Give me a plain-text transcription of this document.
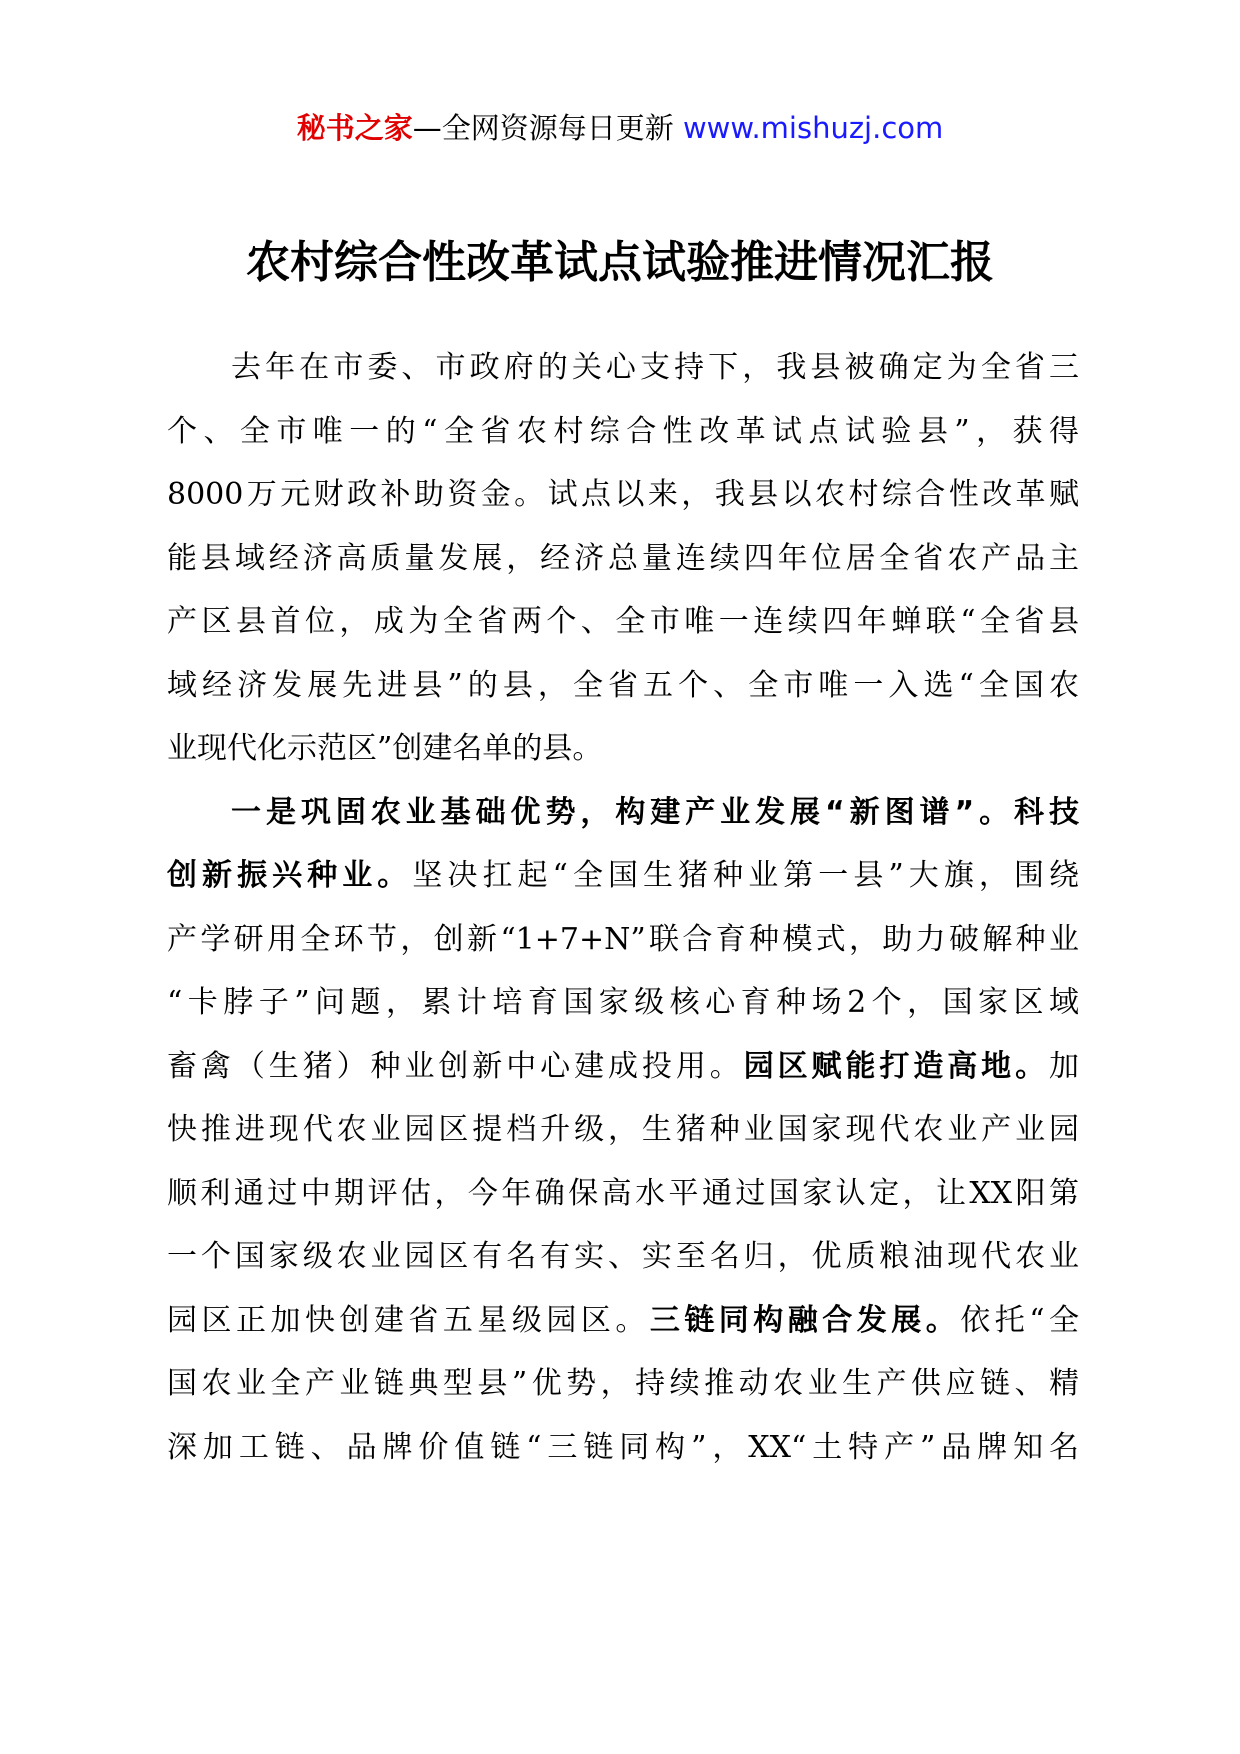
秘书之家—全网资源每日更新 www.mishuzj.com
农村综合性改革试点试验推进情况汇报
去年在市委、市政府的关心支持下，我县被确定为全省三
个、全市唯一的“全省农村综合性改革试点试验县”，获得
8000万元财政补助资金。试点以来，我县以农村综合性改革赋
能县域经济高质量发展，经济总量连续四年位居全省农产品主
产区县首位，成为全省两个、全市唯一连续四年蝉联“全省县
域经济发展先进县”的县，全省五个、全市唯一入选“全国农
业现代化示范区”创建名单的县。
一是巩固农业基础优势，构建产业发展“新图谱”。科技
创新振兴种业。坚决扛起“全国生猪种业第一县”大旗，围绕
产学研用全环节，创新“1+7+N”联合育种模式，助力破解种业
“卡脖子”问题，累计培育国家级核心育种场2个，国家区域
畜禽（生猪）种业创新中心建成投用。园区赋能打造高地。加
快推进现代农业园区提档升级，生猪种业国家现代农业产业园
顺利通过中期评估，今年确保高水平通过国家认定，让XX阳第
一个国家级农业园区有名有实、实至名归，优质粮油现代农业
园区正加快创建省五星级园区。三链同构融合发展。依托“全
国农业全产业链典型县”优势，持续推动农业生产供应链、精
深加工链、品牌价值链“三链同构”，XX“土特产”品牌知名
